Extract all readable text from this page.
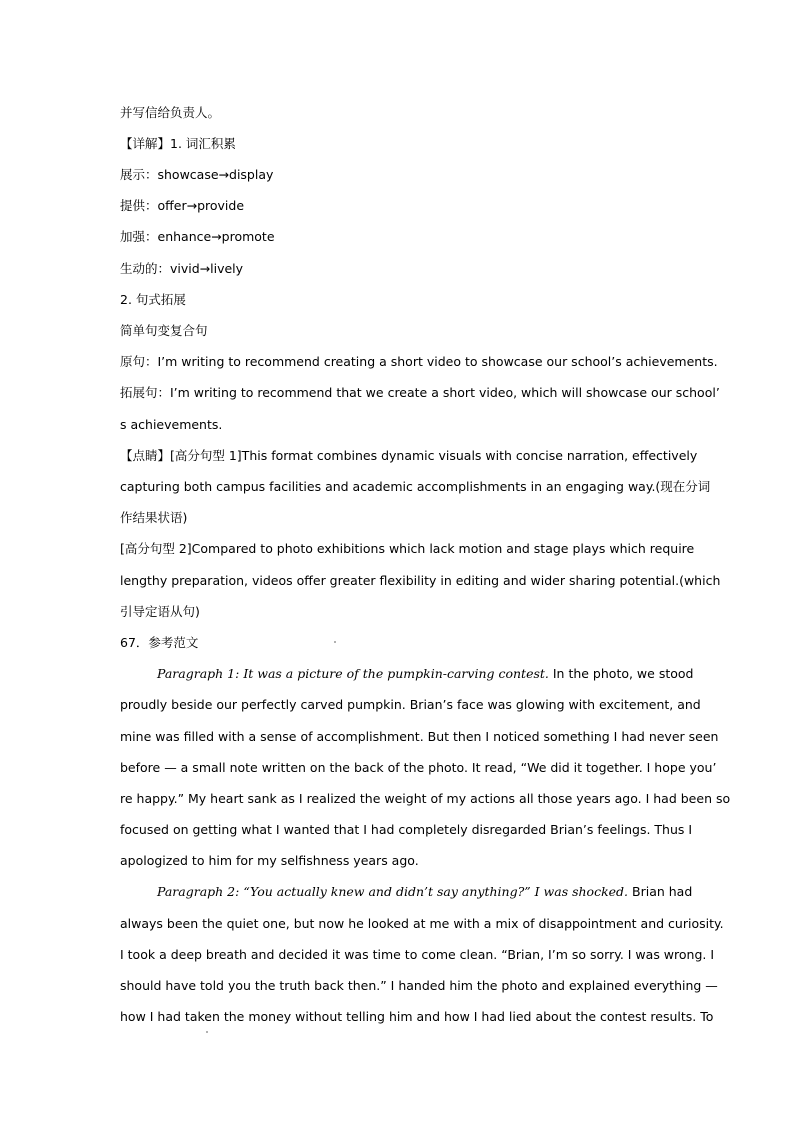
并写信给负责人。
【详解】1. 词汇积累
展示：showcase→display
提供：offer→provide
加强：enhance→promote
生动的：vivid→lively
2. 句式拓展
简单句变复合句
原句：I’m writing to recommend creating a short video to showcase our school’s achievements.
拓展句：I’m writing to recommend that we create a short video, which will showcase our school’
s achievements.
【点睛】[高分句型 1]This format combines dynamic visuals with concise narration, effectively
capturing both campus facilities and academic accomplishments in an engaging way.(现在分词
作结果状语)
[高分句型 2]Compared to photo exhibitions which lack motion and stage plays which require
lengthy preparation, videos offer greater flexibility in editing and wider sharing potential.(which
引导定语从句)
67．参考范文
Paragraph 1: It was a picture of the pumpkin-carving contest. In the photo, we stood
proudly beside our perfectly carved pumpkin. Brian’s face was glowing with excitement, and
mine was filled with a sense of accomplishment. But then I noticed something I had never seen
before — a small note written on the back of the photo. It read, “We did it together. I hope you’
re happy.” My heart sank as I realized the weight of my actions all those years ago. I had been so
focused on getting what I wanted that I had completely disregarded Brian’s feelings. Thus I
apologized to him for my selfishness years ago.
Paragraph 2: “You actually knew and didn’t say anything?” I was shocked. Brian had
always been the quiet one, but now he looked at me with a mix of disappointment and curiosity.
I took a deep breath and decided it was time to come clean. “Brian, I’m so sorry. I was wrong. I
should have told you the truth back then.” I handed him the photo and explained everything —
how I had taken the money without telling him and how I had lied about the contest results. To
